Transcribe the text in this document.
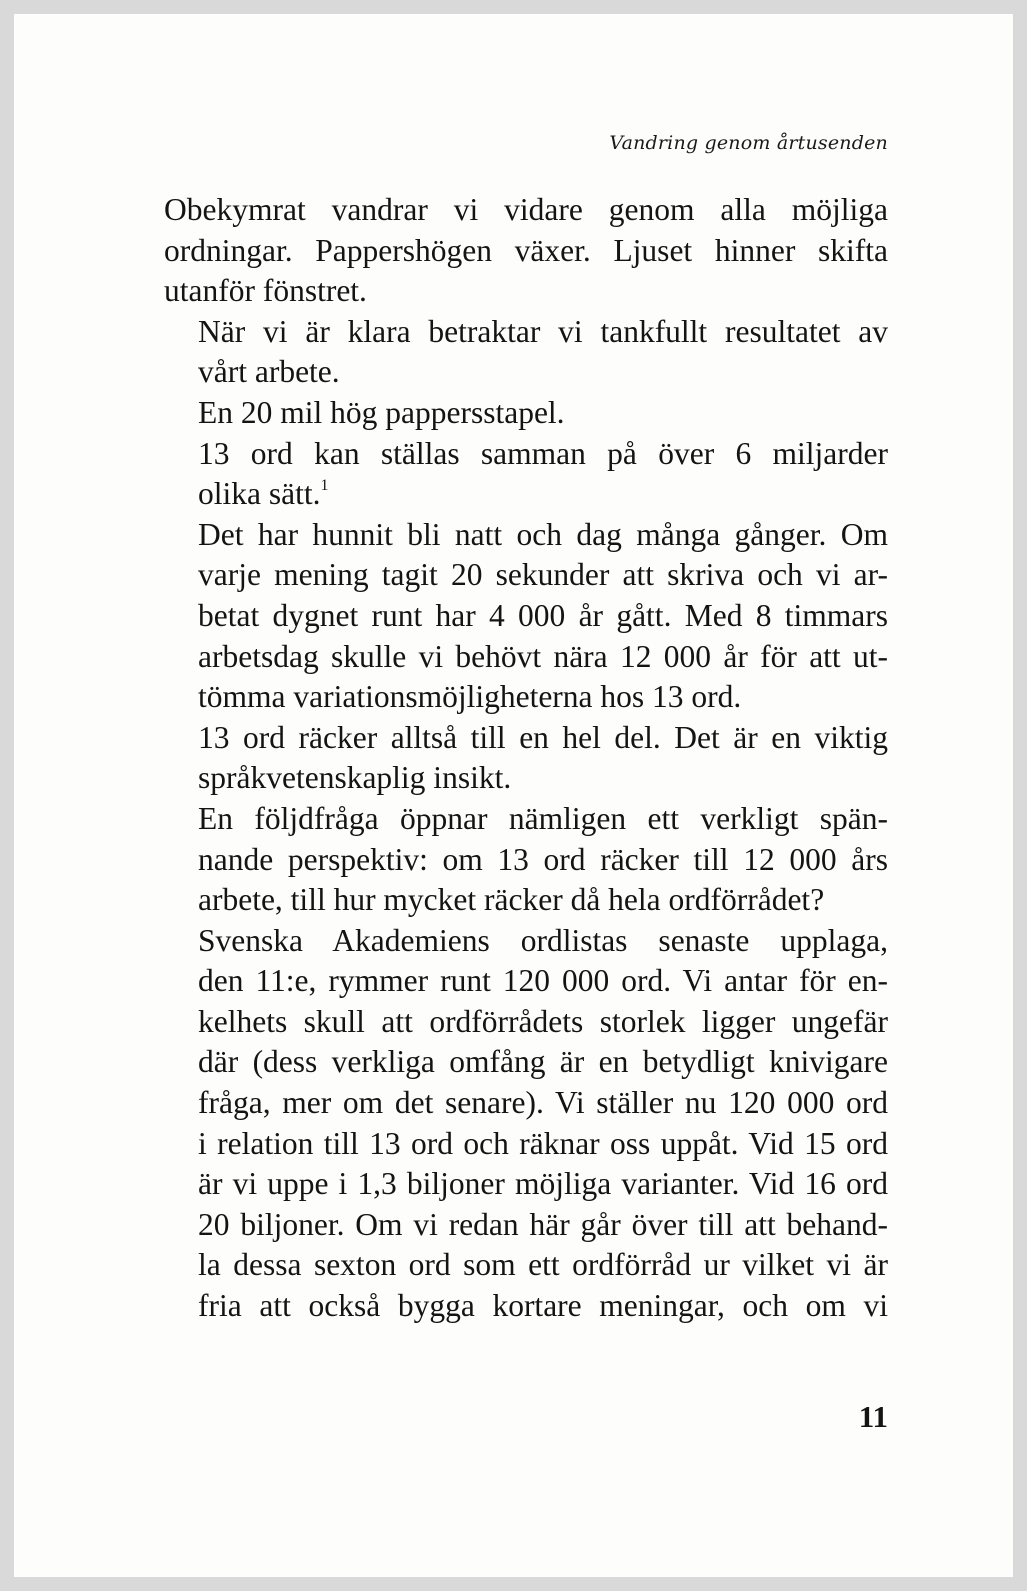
Vandring genom årtusenden

Obekymrat vandrar vi vidare genom alla möjliga
ordningar. Pappershögen växer. Ljuset hinner skifta
utanför fönstret.

När vi är klara betraktar vi tankfullt resultatet av
vårt arbete.

En 20 mil hög pappersstapel.

13 ord kan ställas samman på över 6 miljarder
olika sätt.$^1$

Det har hunnit bli natt och dag många gånger. Om
varje mening tagit 20 sekunder att skriva och vi ar-
betat dygnet runt har 4 000 år gått. Med 8 timmars
arbetsdag skulle vi behövt nära 12 000 år för att ut-
tömma variationsmöjligheterna hos 13 ord.

13 ord räcker alltså till en hel del. Det är en viktig
språkvetenskaplig insikt.

En följdfråga öppnar nämligen ett verkligt spän-
nande perspektiv: om 13 ord räcker till 12 000 års
arbete, till hur mycket räcker då hela ordförrådet?

Svenska Akademiens ordlistas senaste upplaga,
den 11:e, rymmer runt 120 000 ord. Vi antar för en-
kelhets skull att ordförrådets storlek ligger ungefär
där (dess verkliga omfång är en betydligt knivigare
fråga, mer om det senare). Vi ställer nu 120 000 ord
i relation till 13 ord och räknar oss uppåt. Vid 15 ord
är vi uppe i 1,3 biljoner möjliga varianter. Vid 16 ord
20 biljoner. Om vi redan här går över till att behand-
la dessa sexton ord som ett ordförråd ur vilket vi är
fria att också bygga kortare meningar, och om vi

11
